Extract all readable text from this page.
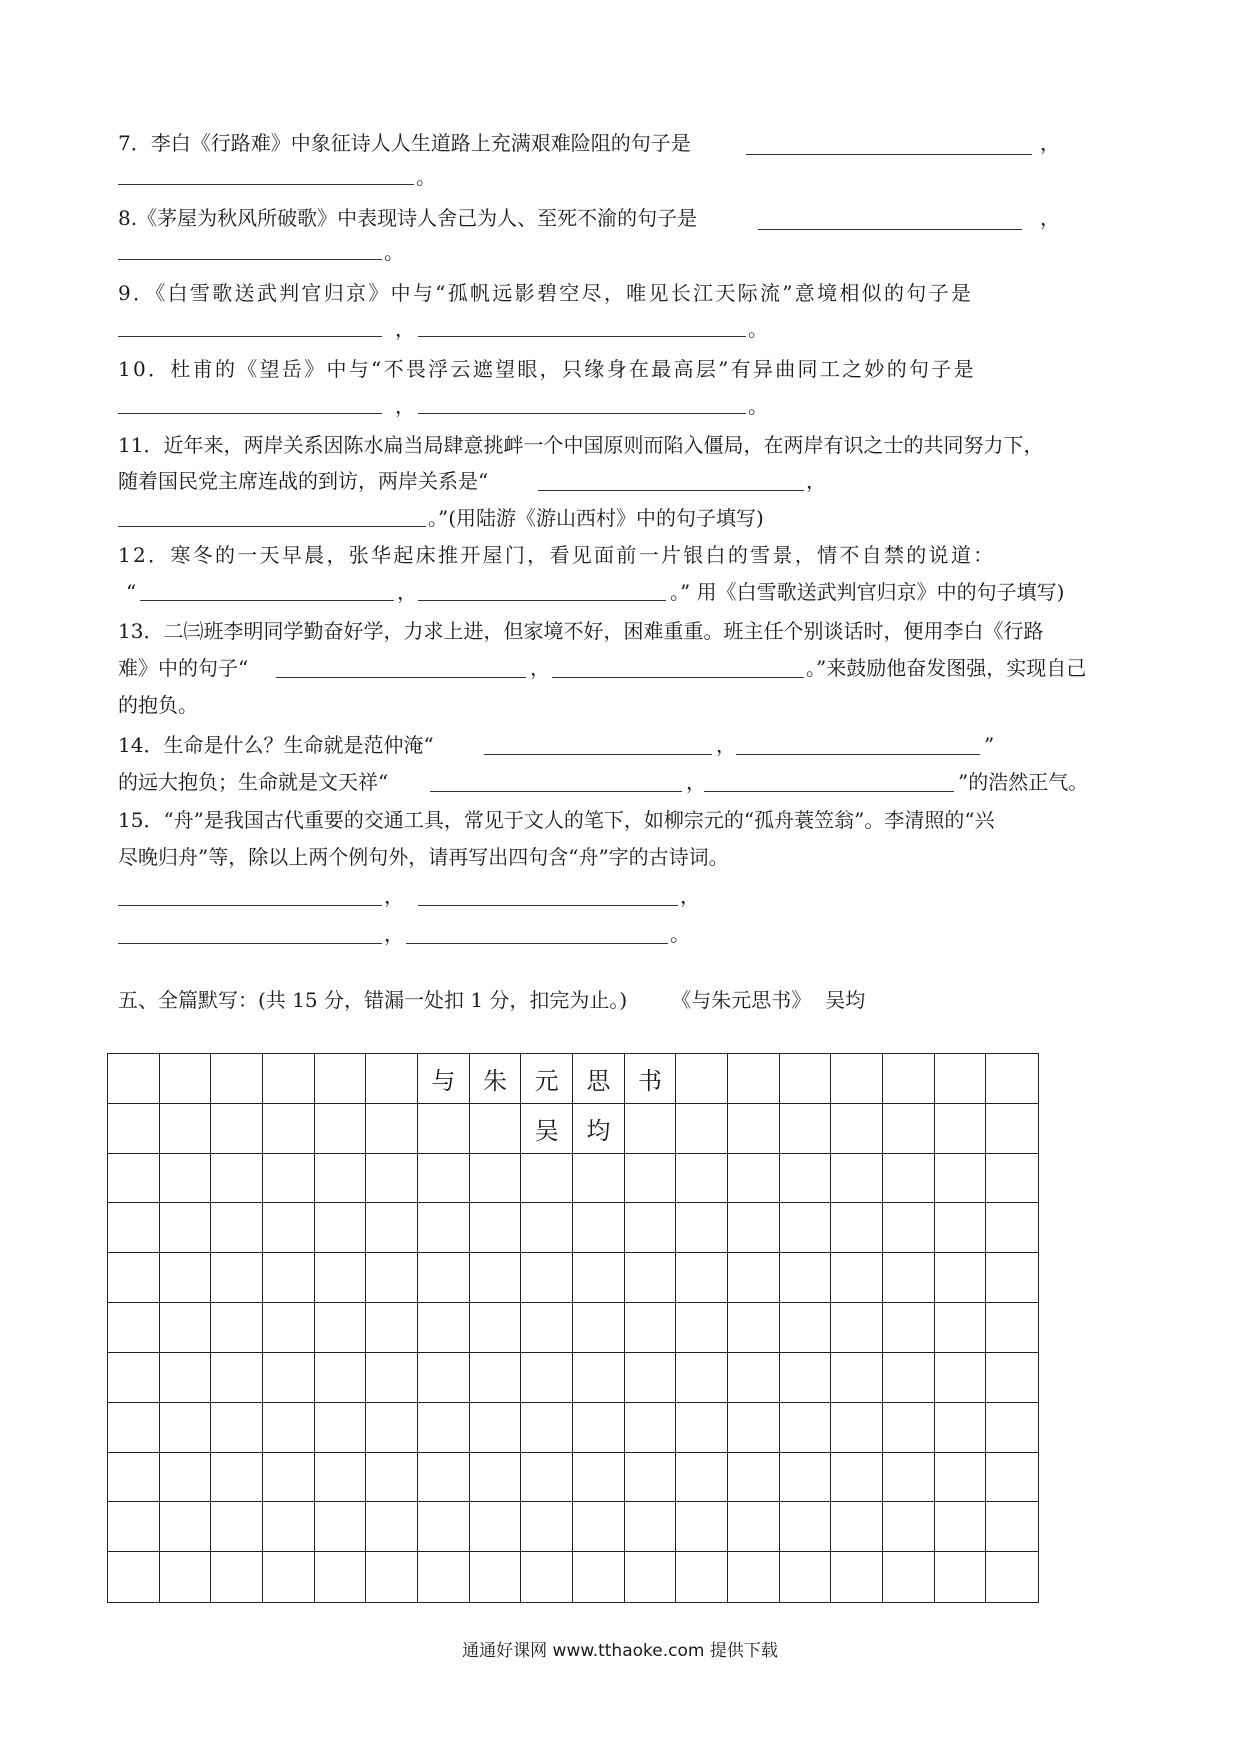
7．李白《行路难》中象征诗人人生道路上充满艰难险阻的句子是	，
。
8.《茅屋为秋风所破歌》中表现诗人舍己为人、至死不渝的句子是	，
。
9．《白雪歌送武判官归京》中与“孤帆远影碧空尽，唯见长江天际流”意境相似的句子是
，	。
10．杜甫的《望岳》中与“不畏浮云遮望眼，只缘身在最高层”有异曲同工之妙的句子是
，	。
11．近年来，两岸关系因陈水扁当局肆意挑衅一个中国原则而陷入僵局，在两岸有识之士的共同努力下，
随着国民党主席连战的到访，两岸关系是“	，
。”(用陆游《游山西村》中的句子填写)
12．寒冬的一天早晨，张华起床推开屋门，看见面前一片银白的雪景，情不自禁的说道：
“	，	。” 用《白雪歌送武判官归京》中的句子填写)
13．二㈢班李明同学勤奋好学，力求上进，但家境不好，困难重重。班主任个别谈话时，便用李白《行路
难》中的句子“	，	。”来鼓励他奋发图强，实现自己
的抱负。
14．生命是什么？生命就是范仲淹“	，	”
的远大抱负；生命就是文天祥“	，	”的浩然正气。
15．“舟”是我国古代重要的交通工具，常见于文人的笔下，如柳宗元的“孤舟蓑笠翁”。李清照的“兴
尽晚归舟”等，除以上两个例句外，请再写出四句含“舟”字的古诗词。
，	，
，	。
五、全篇默写：(共 15 分，错漏一处扣 1 分，扣完为止。) 《与朱元思书》 吴均
与	朱	元	思	书
吴	均
通通好课网 www.tthaoke.com 提供下载
